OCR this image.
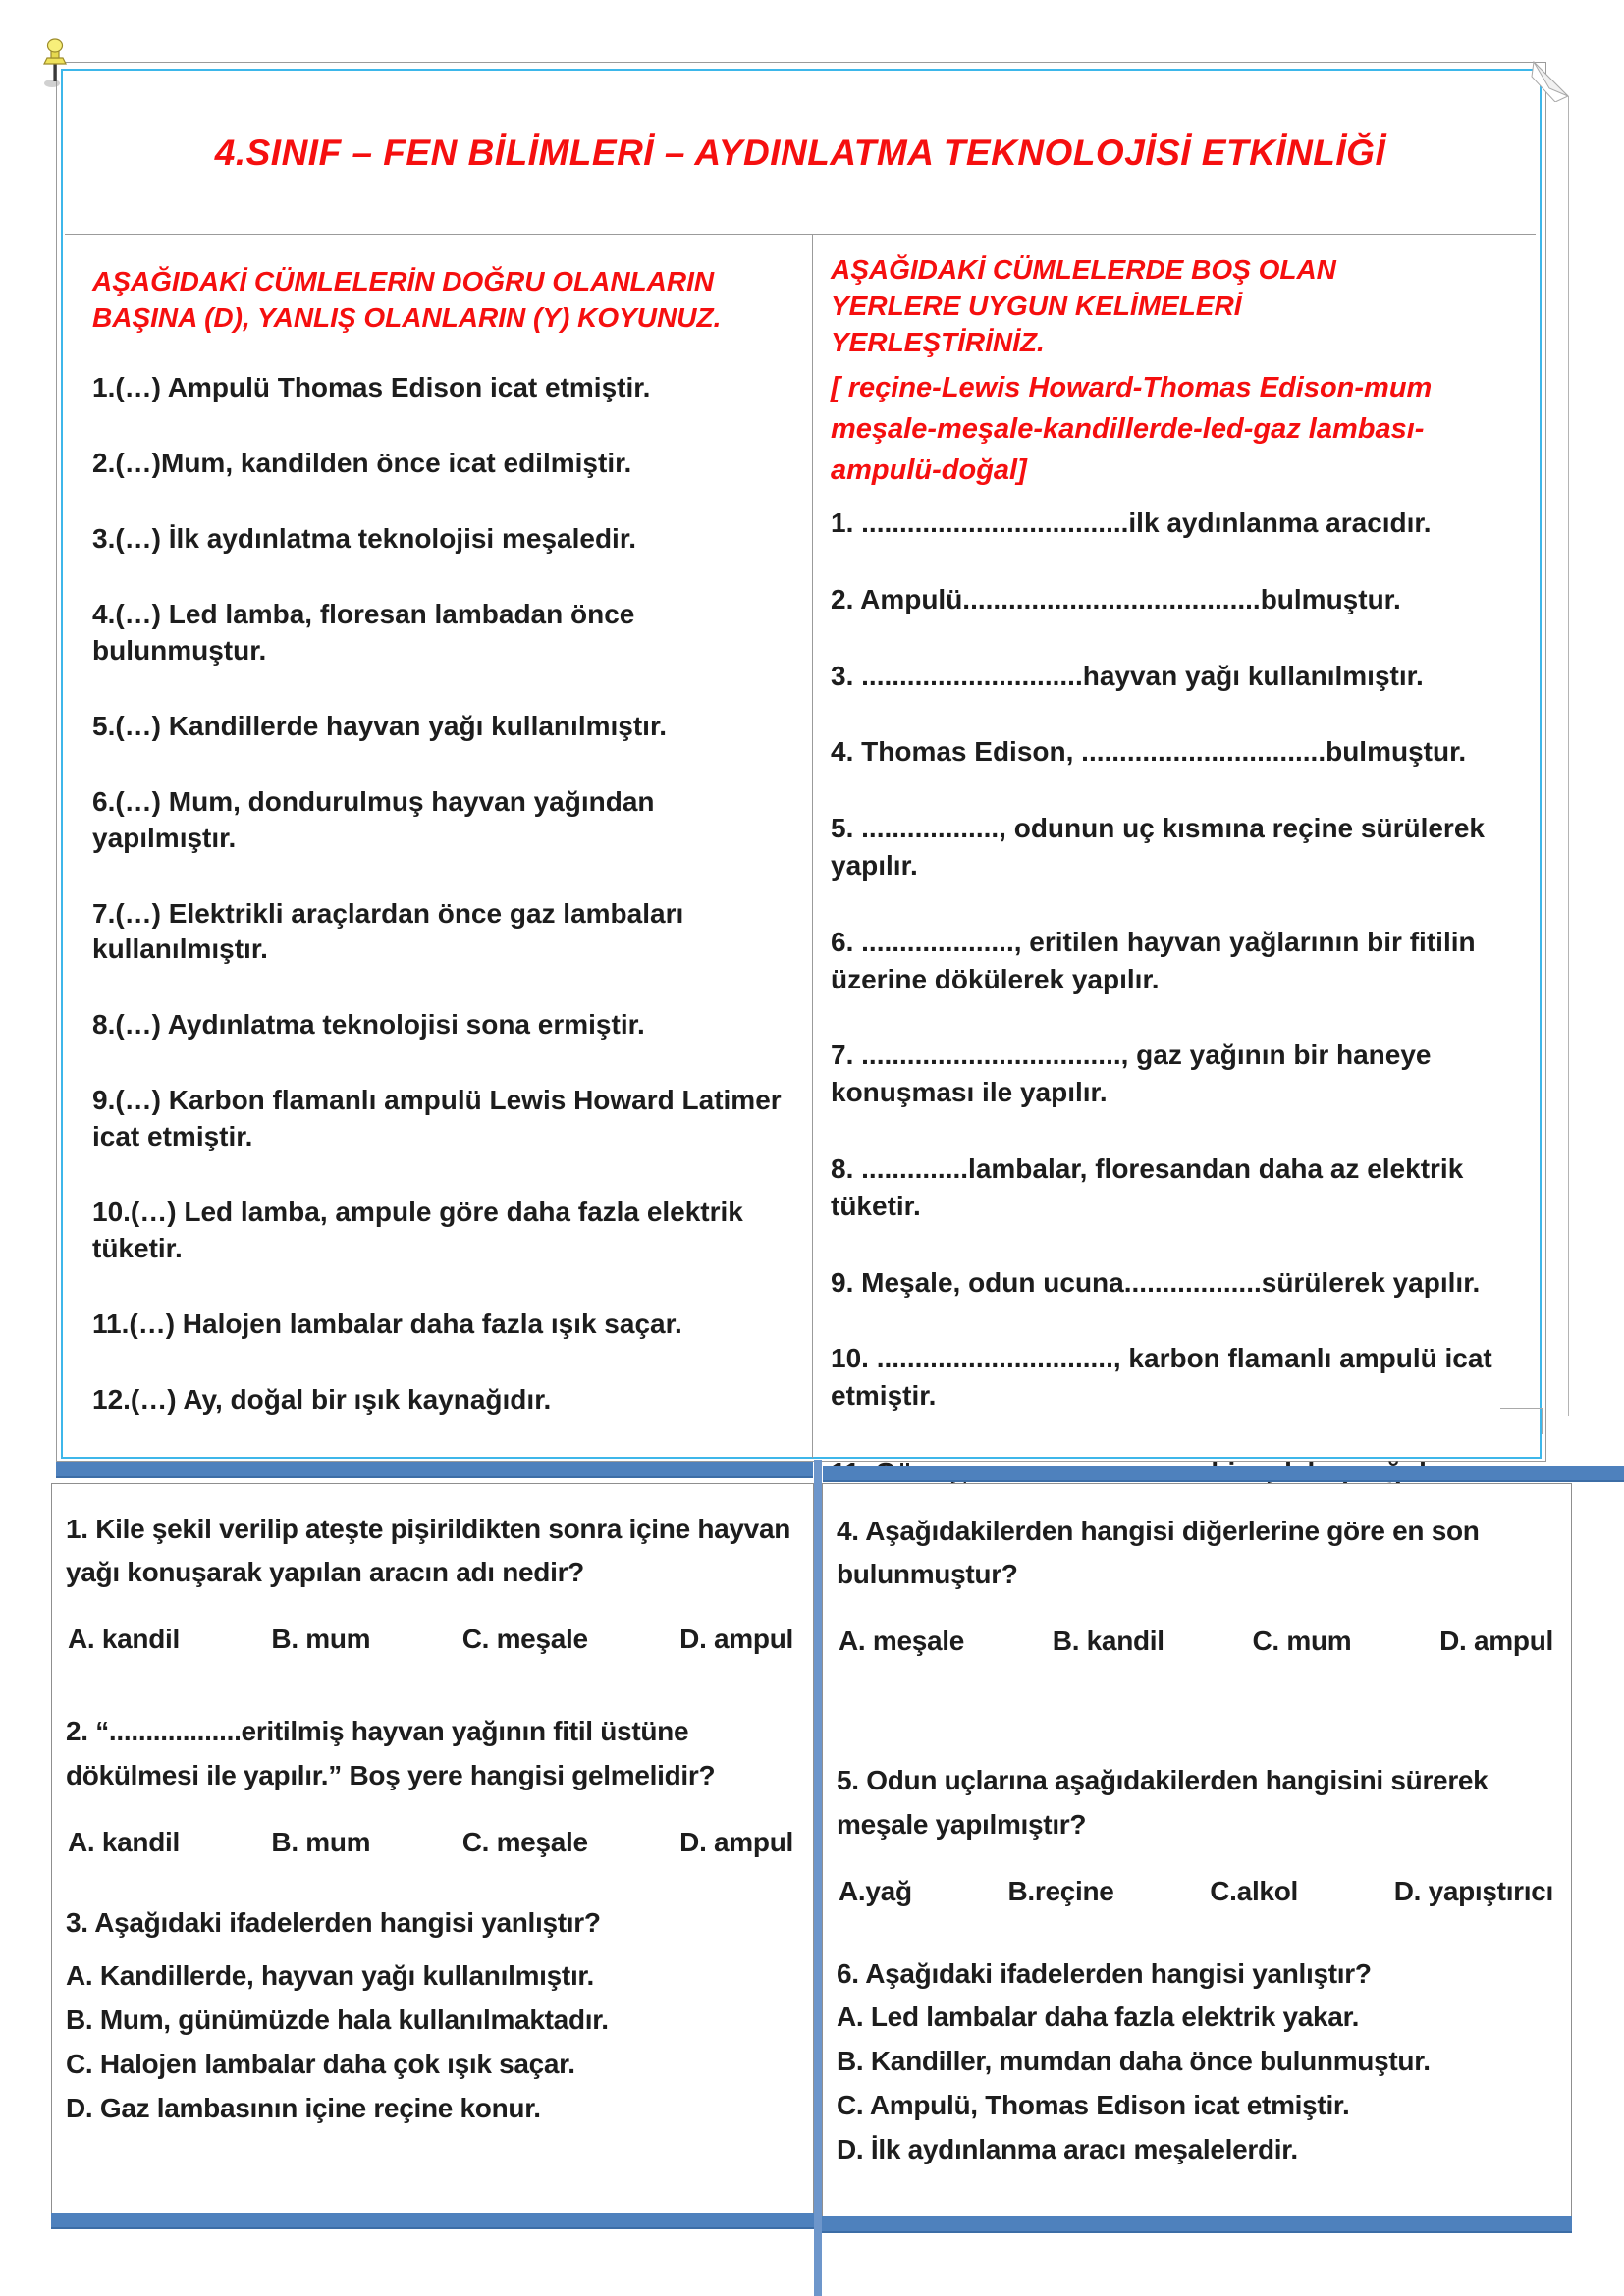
4.SINIF – FEN BİLİMLERİ – AYDINLATMA TEKNOLOJİSİ ETKİNLİĞİ

AŞAĞIDAKİ CÜMLELERİN DOĞRU OLANLARIN BAŞINA (D), YANLIŞ OLANLARIN (Y) KOYUNUZ.

1.(…) Ampulü Thomas Edison icat etmiştir.

2.(…)Mum, kandilden önce icat edilmiştir.

3.(…) İlk aydınlatma teknolojisi meşaledir.

4.(…) Led lamba, floresan lambadan önce bulunmuştur.

5.(…) Kandillerde hayvan yağı kullanılmıştır.

6.(…) Mum, dondurulmuş hayvan yağından yapılmıştır.

7.(…) Elektrikli araçlardan önce gaz lambaları kullanılmıştır.

8.(…) Aydınlatma teknolojisi sona ermiştir.

9.(…) Karbon flamanlı ampulü Lewis Howard Latimer icat etmiştir.

10.(…) Led lamba, ampule göre daha fazla elektrik tüketir.

11.(…) Halojen lambalar daha fazla ışık saçar.

12.(…) Ay, doğal bir ışık kaynağıdır.

AŞAĞIDAKİ CÜMLELERDE BOŞ OLAN YERLERE UYGUN KELİMELERİ YERLEŞTİRİNİZ.

[ reçine-Lewis Howard-Thomas Edison-mum meşale-meşale-kandillerde-led-gaz lambası-ampulü-doğal]

1. ...................................ilk aydınlanma aracıdır.

2. Ampulü.......................................bulmuştur.

3. .............................hayvan yağı kullanılmıştır.

4. Thomas Edison, ................................bulmuştur.

5. .................., odunun uç kısmına reçine sürülerek yapılır.

6. ...................., eritilen hayvan yağlarının bir fitilin üzerine dökülerek yapılır.

7. .................................., gaz yağının bir haneye konuşması ile yapılır.

8. ..............lambalar, floresandan daha az elektrik tüketir.

9. Meşale, odun ucuna..................sürülerek yapılır.

10. ..............................., karbon flamanlı ampulü icat etmiştir.

1. Kile şekil verilip ateşte pişirildikten sonra içine hayvan yağı konuşarak yapılan aracın adı nedir?

A. kandil	B. mum	C. meşale	D. ampul

2. “..................eritilmiş hayvan yağının fitil üstüne dökülmesi ile yapılır.” Boş yere hangisi gelmelidir?

A. kandil	B. mum	C. meşale	D. ampul

3. Aşağıdaki ifadelerden hangisi yanlıştır?

A. Kandillerde, hayvan yağı kullanılmıştır.

B. Mum, günümüzde hala kullanılmaktadır.

C. Halojen lambalar daha çok ışık saçar.

D. Gaz lambasının içine reçine konur.

4. Aşağıdakilerden hangisi diğerlerine göre en son bulunmuştur?

A. meşale	B. kandil	C. mum	D. ampul

5. Odun uçlarına aşağıdakilerden hangisini sürerek meşale yapılmıştır?

A.yağ	B.reçine	C.alkol	D. yapıştırıcı

6. Aşağıdaki ifadelerden hangisi yanlıştır?

A. Led lambalar daha fazla elektrik yakar.

B. Kandiller, mumdan daha önce bulunmuştur.

C. Ampulü, Thomas Edison icat etmiştir.

D. İlk aydınlanma aracı meşalelerdir.
